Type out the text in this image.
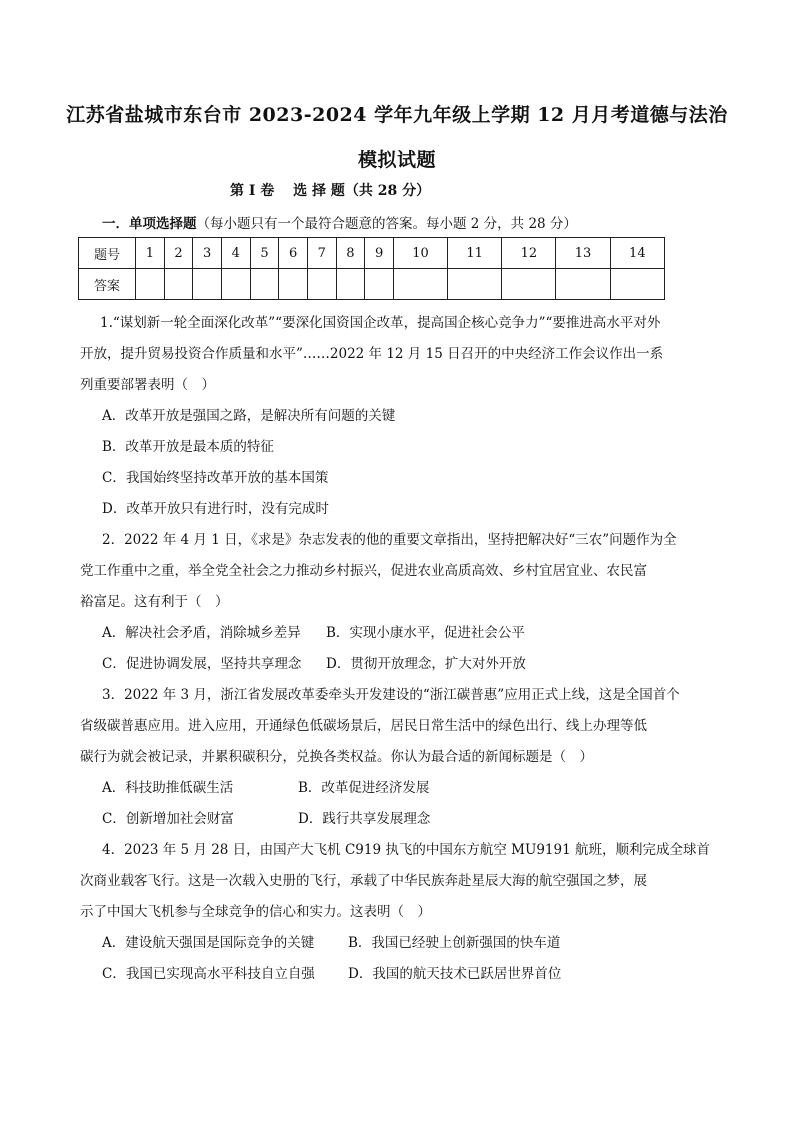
江苏省盐城市东台市 2023-2024 学年九年级上学期 12 月月考道德与法治
模拟试题
第 I 卷　 选 择 题（共 28 分）
一．单项选择题（每小题只有一个最符合题意的答案。每小题 2 分，共 28 分）
题号	1	2	3	4	5	6	7	8	9	10	11	12	13	14
答案														
1.“谋划新一轮全面深化改革”“要深化国资国企改革，提高国企核心竞争力”“要推进高水平对外
开放，提升贸易投资合作质量和水平”……2022 年 12 月 15 日召开的中央经济工作会议作出一系
列重要部署表明（　）
A．改革开放是强国之路，是解决所有问题的关键
B．改革开放是最本质的特征
C．我国始终坚持改革开放的基本国策
D．改革开放只有进行时，没有完成时
2．2022 年 4 月 1 日，《求是》杂志发表的他的重要文章指出，坚持把解决好“三农”问题作为全
党工作重中之重，举全党全社会之力推动乡村振兴，促进农业高质高效、乡村宜居宜业、农民富
裕富足。这有利于（　）
A．解决社会矛盾，消除城乡差异 B．实现小康水平，促进社会公平
C．促进协调发展，坚持共享理念 D．贯彻开放理念，扩大对外开放
3．2022 年 3 月，浙江省发展改革委牵头开发建设的“浙江碳普惠”应用正式上线，这是全国首个
省级碳普惠应用。进入应用，开通绿色低碳场景后，居民日常生活中的绿色出行、线上办理等低
碳行为就会被记录，并累积碳积分，兑换各类权益。你认为最合适的新闻标题是（　）
A．科技助推低碳生活	B．改革促进经济发展
C．创新增加社会财富	D．践行共享发展理念
4．2023 年 5 月 28 日，由国产大飞机 C919 执飞的中国东方航空 MU9191 航班，顺利完成全球首
次商业载客飞行。这是一次载入史册的飞行，承载了中华民族奔赴星辰大海的航空强国之梦，展
示了中国大飞机参与全球竞争的信心和实力。这表明（　）
A．建设航天强国是国际竞争的关键	B．我国已经驶上创新强国的快车道
C．我国已实现高水平科技自立自强 D．我国的航天技术已跃居世界首位
